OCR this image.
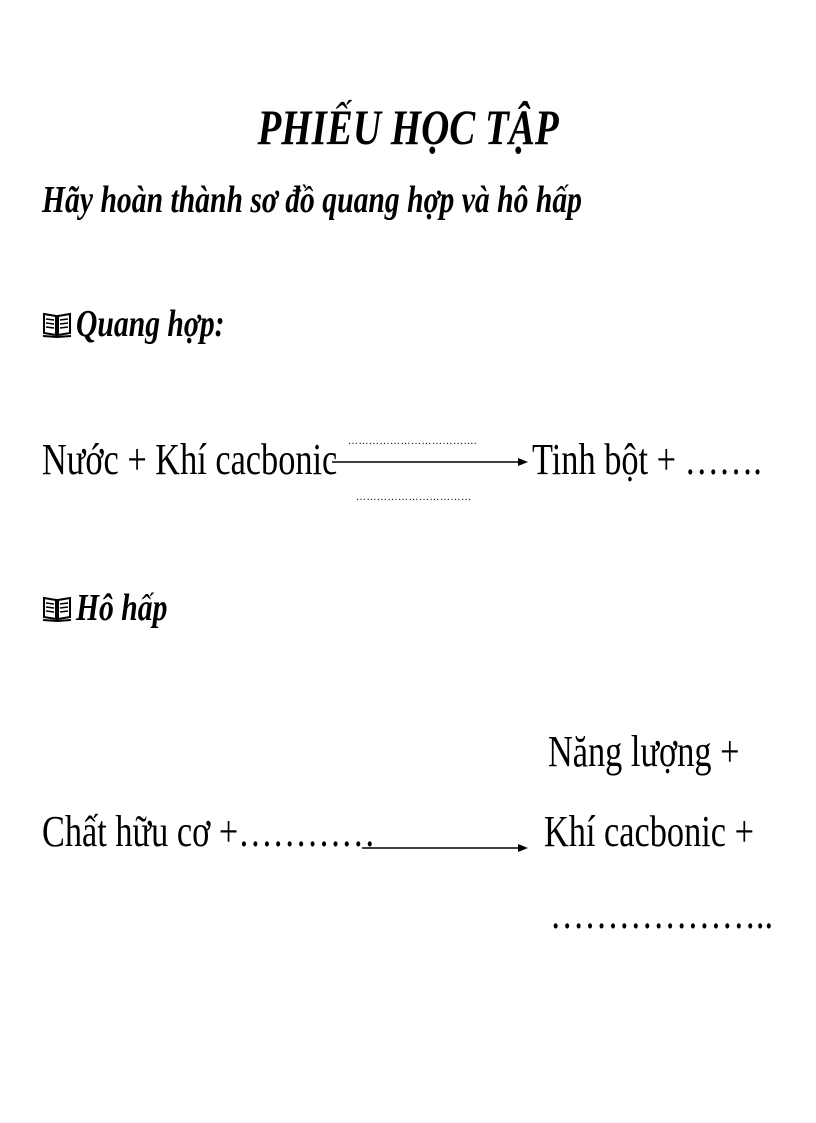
PHIẾU HỌC TẬP
Hãy hoàn thành sơ đồ quang hợp và hô hấp
Quang hợp:
Nước + Khí cacbonic	……………………………….
……………………………
Tinh bột + …….
Hô hấp
Năng lượng +
Chất hữu cơ +…………	Khí cacbonic +
………………..
